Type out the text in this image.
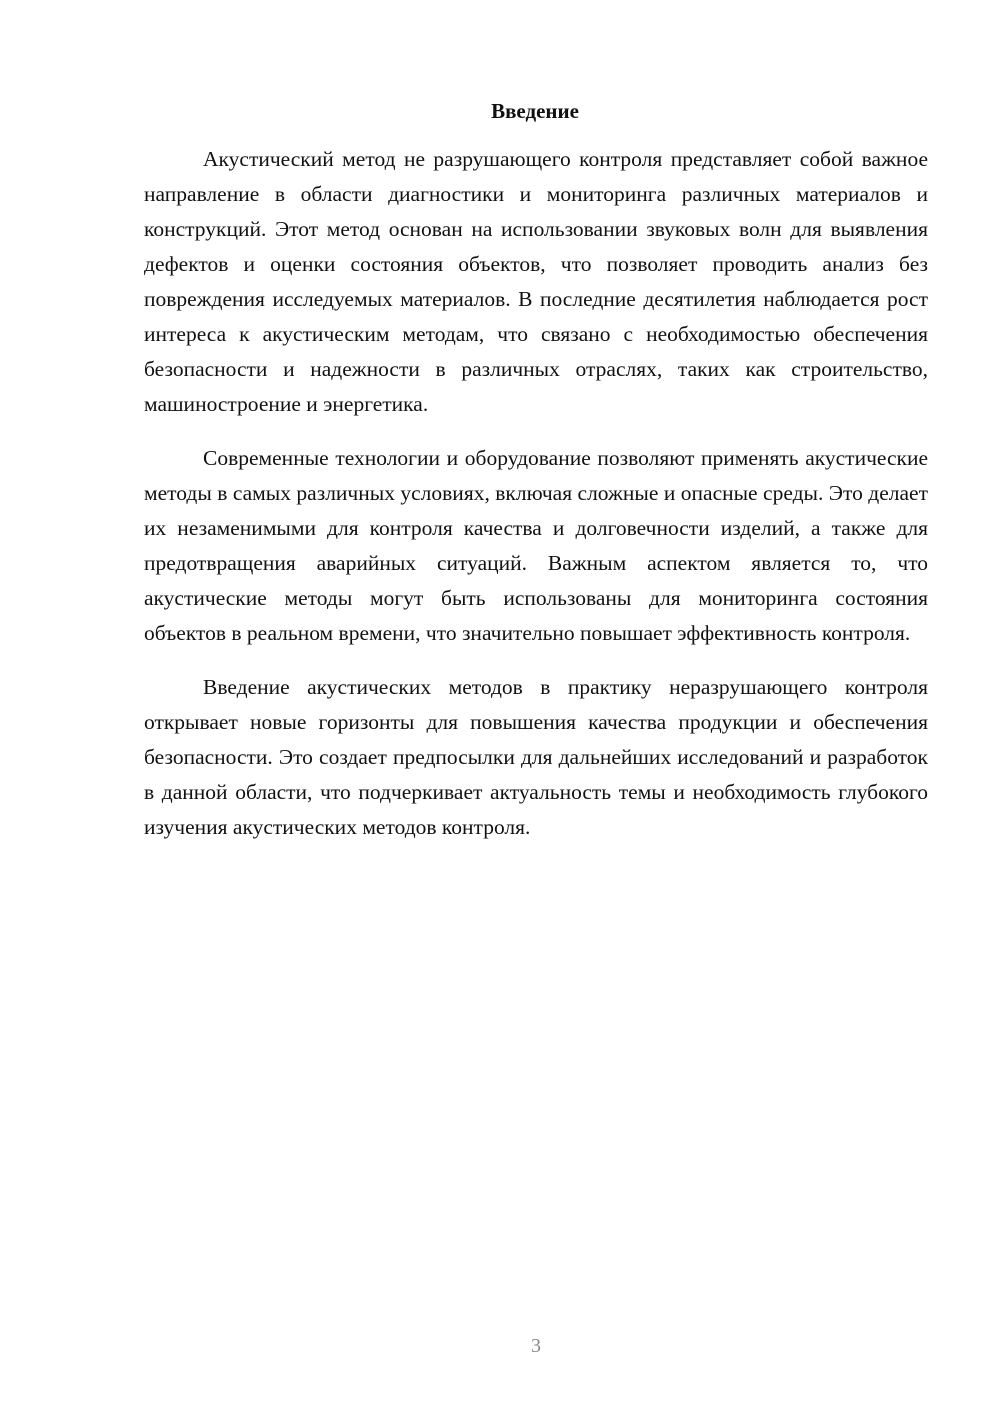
Введение

Акустический метод не разрушающего контроля представляет собой важное направление в области диагностики и мониторинга различных материалов и конструкций. Этот метод основан на использовании звуковых волн для выявления дефектов и оценки состояния объектов, что позволяет проводить анализ без повреждения исследуемых материалов. В последние десятилетия наблюдается рост интереса к акустическим методам, что связано с необходимостью обеспечения безопасности и надежности в различных отраслях, таких как строительство, машиностроение и энергетика.

Современные технологии и оборудование позволяют применять акустические методы в самых различных условиях, включая сложные и опасные среды. Это делает их незаменимыми для контроля качества и долговечности изделий, а также для предотвращения аварийных ситуаций. Важным аспектом является то, что акустические методы могут быть использованы для мониторинга состояния объектов в реальном времени, что значительно повышает эффективность контроля.

Введение акустических методов в практику неразрушающего контроля открывает новые горизонты для повышения качества продукции и обеспечения безопасности. Это создает предпосылки для дальнейших исследований и разработок в данной области, что подчеркивает актуальность темы и необходимость глубокого изучения акустических методов контроля.

3
